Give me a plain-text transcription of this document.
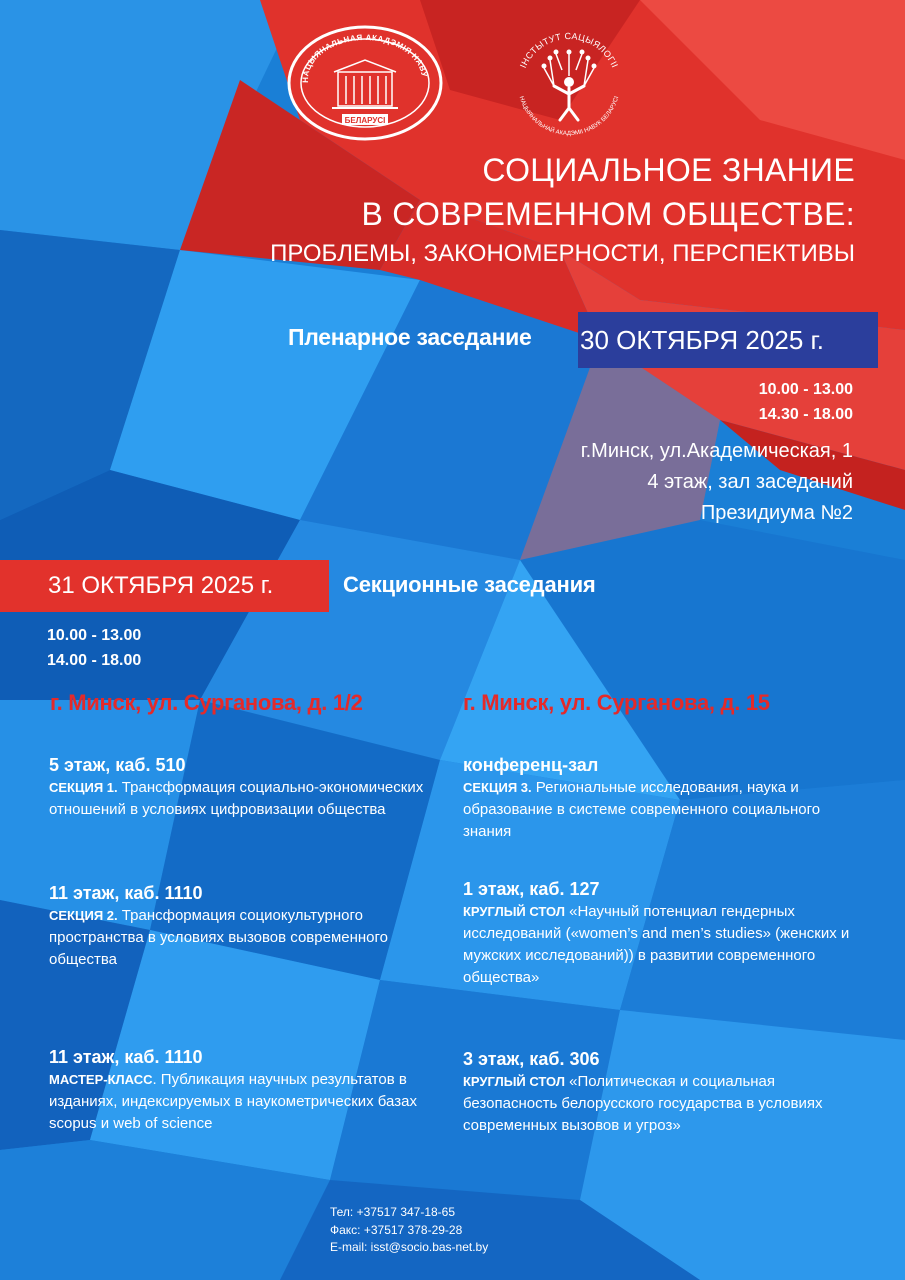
НАЦЫЯНАЛЬНАЯ АКАДЭМІЯ НАВУ
БЕЛАРУСІ
ІНСТЫТУТ САЦЫЯЛОГІІ
НАЦЫЯНАЛЬНАЙ АКАДЭМІІ НАВУК БЕЛАРУСІ
СОЦИАЛЬНОЕ ЗНАНИЕ
В СОВРЕМЕННОМ ОБЩЕСТВЕ:
ПРОБЛЕМЫ, ЗАКОНОМЕРНОСТИ, ПЕРСПЕКТИВЫ
Пленарное заседание 30 ОКТЯБРЯ 2025 г.
10.00 - 13.00
14.30 - 18.00
г.Минск, ул.Академическая, 1
4 этаж, зал заседаний
Президиума №2
31 ОКТЯБРЯ 2025 г.	Секционные заседания
10.00 - 13.00
14.00 - 18.00
г. Минск, ул. Сурганова, д. 1/2	г. Минск, ул. Сурганова, д. 15
5 этаж, каб. 510
СЕКЦИЯ 1. Трансформация социально-экономических отношений в условиях цифровизации общества
11 этаж, каб. 1110
СЕКЦИЯ 2. Трансформация социокультурного пространства в условиях вызовов современного общества
11 этаж, каб. 1110
МАСТЕР-КЛАСС. Публикация научных результатов в изданиях, индексируемых в наукометрических базах scopus и web of science
конференц-зал
СЕКЦИЯ 3. Региональные исследования, наука и образование в системе современного социального знания
1 этаж, каб. 127
КРУГЛЫЙ СТОЛ «Научный потенциал гендерных исследований («women’s and men’s studies» (женских и мужских исследований)) в развитии современного общества»
3 этаж, каб. 306
КРУГЛЫЙ СТОЛ «Политическая и социальная безопасность белорусского государства в условиях современных вызовов и угроз»
Тел: +37517 347-18-65
Факс: +37517 378-29-28
E-mail: isst@socio.bas-net.by
